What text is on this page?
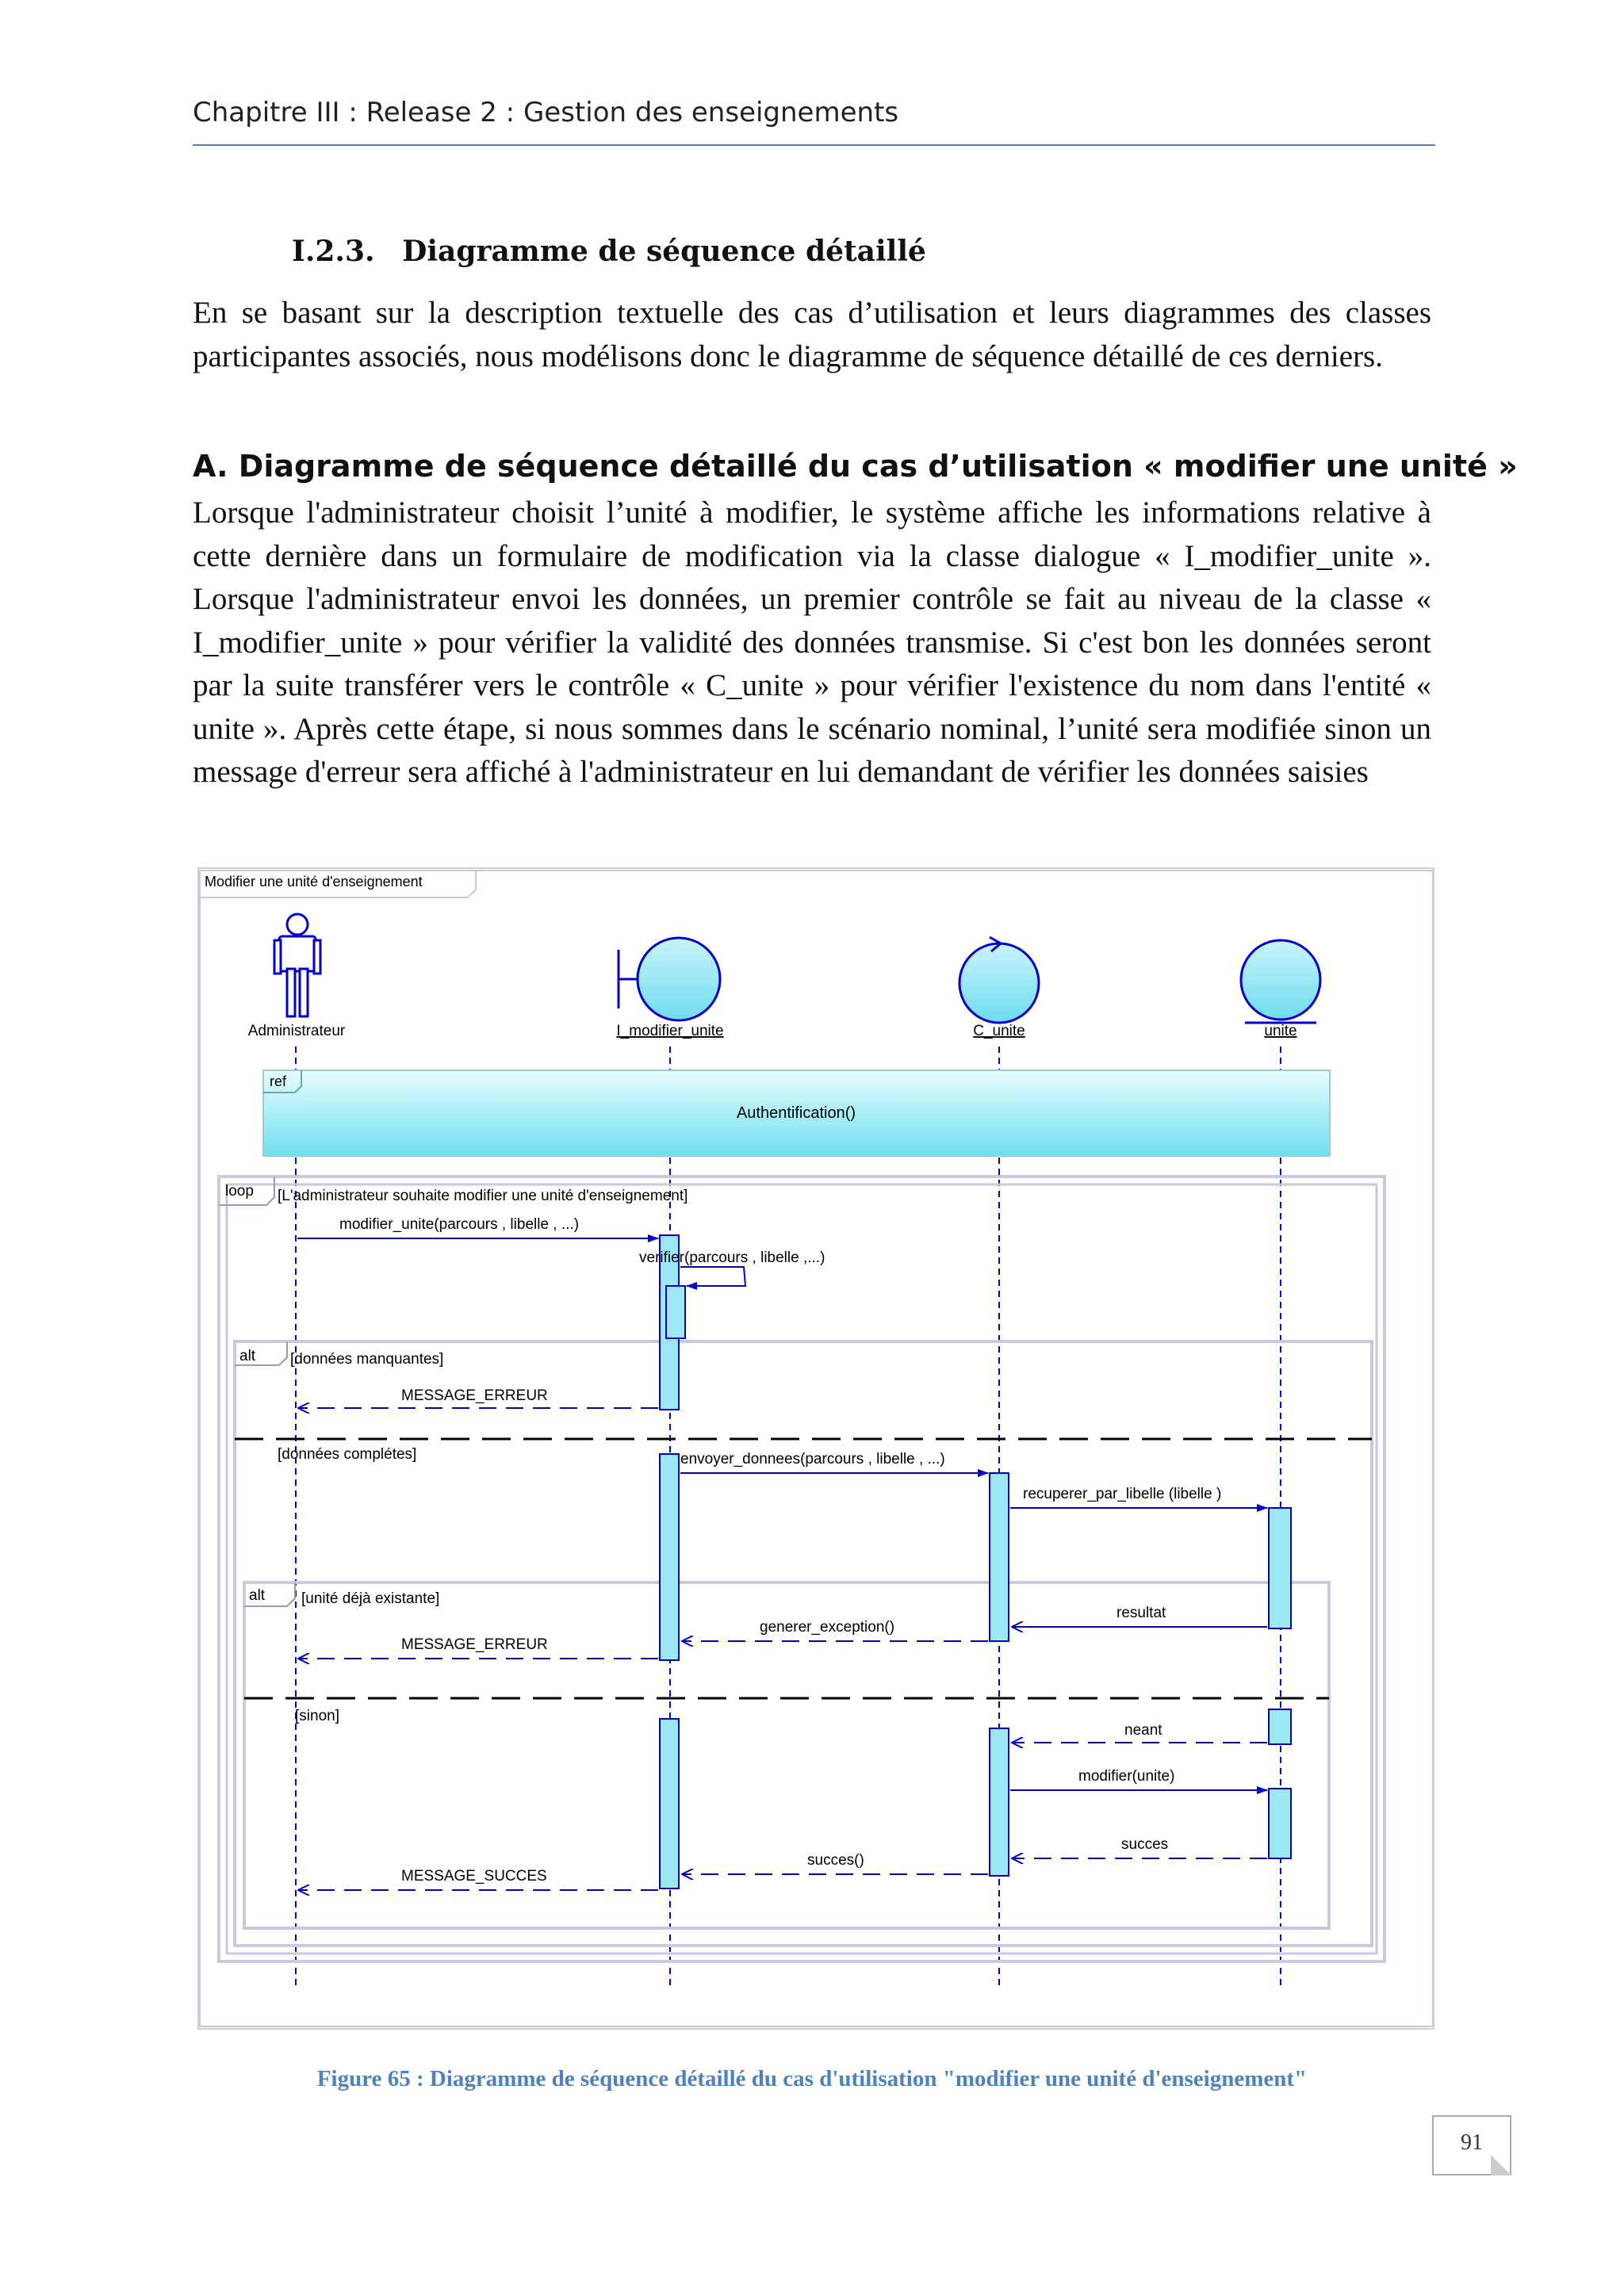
Chapitre III : Release 2 : Gestion des enseignements
I.2.3. Diagramme de séquence détaillé
En se basant sur la description textuelle des cas d’utilisation et leurs diagrammes des classes participantes associés, nous modélisons donc le diagramme de séquence détaillé de ces derniers.
A. Diagramme de séquence détaillé du cas d’utilisation « modifier une unité »
Lorsque l'administrateur choisit l’unité à modifier, le système affiche les informations relative à cette dernière dans un formulaire de modification via la classe dialogue « I_modifier_unite ». Lorsque l'administrateur envoi les données, un premier contrôle se fait au niveau de la classe « I_modifier_unite » pour vérifier la validité des données transmise. Si c'est bon les données seront par la suite transférer vers le contrôle « C_unite » pour vérifier l'existence du nom dans l'entité « unite ». Après cette étape, si nous sommes dans le scénario nominal, l’unité sera modifiée sinon un message d'erreur sera affiché à l'administrateur en lui demandant de vérifier les données saisies
Modifier une unité d'enseignement
Administrateur	I_modifier_unite	C_unite	unite
ref
Authentification()
loop [L'administrateur souhaite modifier une unité d'enseignement]
alt [données manquantes]
[données complétes]
alt [unité déjà existante]
[sinon]
modifier_unite(parcours , libelle , ...)
verifier(parcours , libelle ,...)
MESSAGE_ERREUR
envoyer_donnees(parcours , libelle , ...)
recuperer_par_libelle (libelle )
resultat
generer_exception()
MESSAGE_ERREUR
neant
modifier(unite)
succes
succes()
MESSAGE_SUCCES
Figure 65 : Diagramme de séquence détaillé du cas d'utilisation "modifier une unité d'enseignement"
91
